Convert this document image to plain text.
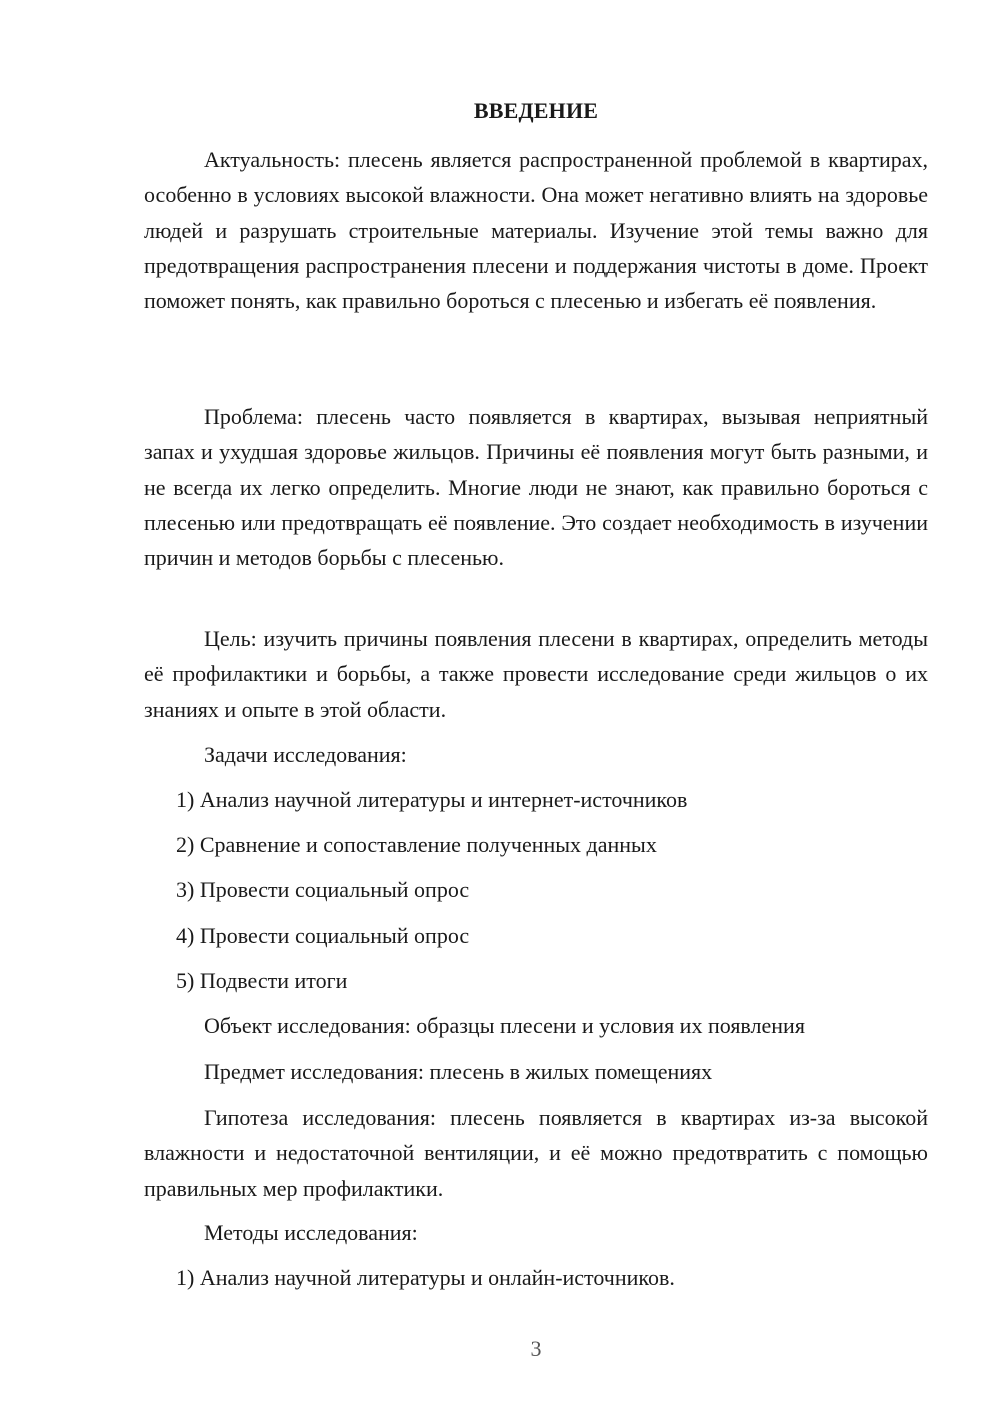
ВВЕДЕНИЕ

Актуальность: плесень является распространенной проблемой в квартирах, особенно в условиях высокой влажности. Она может негативно влиять на здоровье людей и разрушать строительные материалы. Изучение этой темы важно для предотвращения распространения плесени и поддержания чистоты в доме. Проект поможет понять, как правильно бороться с плесенью и избегать её появления.

Проблема: плесень часто появляется в квартирах, вызывая неприятный запах и ухудшая здоровье жильцов. Причины её появления могут быть разными, и не всегда их легко определить. Многие люди не знают, как правильно бороться с плесенью или предотвращать её появление. Это создает необходимость в изучении причин и методов борьбы с плесенью.

Цель: изучить причины появления плесени в квартирах, определить методы её профилактики и борьбы, а также провести исследование среди жильцов о их знаниях и опыте в этой области.

Задачи исследования:

1) Анализ научной литературы и интернет-источников

2) Сравнение и сопоставление полученных данных

3) Провести социальный опрос

4) Провести социальный опрос

5) Подвести итоги

Объект исследования: образцы плесени и условия их появления

Предмет исследования: плесень в жилых помещениях

Гипотеза исследования: плесень появляется в квартирах из-за высокой влажности и недостаточной вентиляции, и её можно предотвратить с помощью правильных мер профилактики.

Методы исследования:

1) Анализ научной литературы и онлайн-источников.

3
